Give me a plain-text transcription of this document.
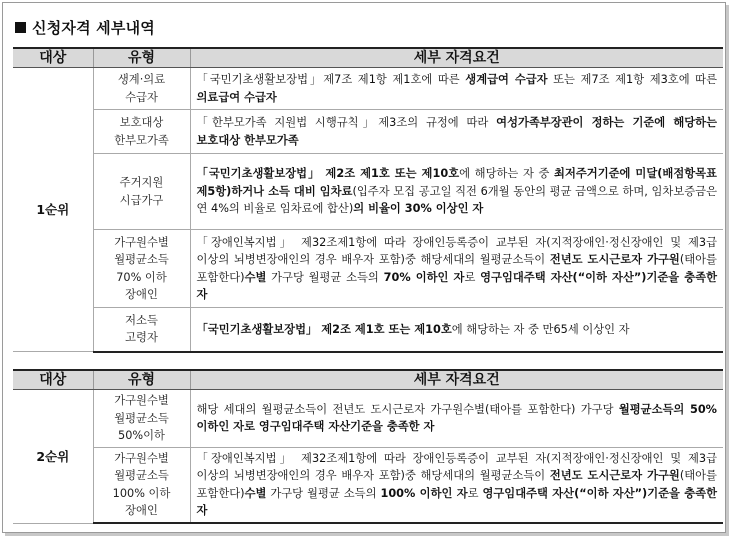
신청자격 세부내역
대상	유형	세부 자격요건
1순위	생계·의료
수급자	「국민기초생활보장법」제7조 제1항 제1호에 따른 생계급여 수급자 또는 제7조 제1항 제3호에 따른 의료급여 수급자

	보호대상
한부모가족	「한부모가족 지원법 시행규칙」제3조의 규정에 따라 여성가족부장관이 정하는 기준에 해당하는 보호대상 한부모가족

	주거지원
시급가구	「국민기초생활보장법」 제2조 제1호 또는 제10호에 해당하는 자 중 최저주거기준에 미달(배점항목표 제5항)하거나 소득 대비 임차료(입주자 모집 공고일 직전 6개월 동안의 평균 금액으로 하며, 임차보증금은 연 4%의 비율로 임차료에 합산)의 비율이 30% 이상인 자

	가구원수별
월평균소득
70% 이하
장애인	「장애인복지법」 제32조제1항에 따라 장애인등록증이 교부된 자(지적장애인·정신장애인 및 제3급 이상의 뇌병변장애인의 경우 배우자 포함)중 해당세대의 월평균소득이 전년도 도시근로자 가구원(태아를 포함한다)수별 가구당 월평균 소득의 70% 이하인 자로 영구임대주택 자산(“이하 자산”)기준을 충족한 자

	저소득
고령자	「국민기초생활보장법」 제2조 제1호 또는 제10호에 해당하는 자 중 만65세 이상인 자
대상	유형	세부 자격요건
2순위	가구원수별
월평균소득
50%이하	해당 세대의 월평균소득이 전년도 도시근로자 가구원수별(태아를 포함한다) 가구당 월평균소득의 50% 이하인 자로 영구임대주택 자산기준을 충족한 자

	가구원수별
월평균소득
100% 이하
장애인	「장애인복지법」 제32조제1항에 따라 장애인등록증이 교부된 자(지적장애인·정신장애인 및 제3급 이상의 뇌병변장애인의 경우 배우자 포함)중 해당세대의 월평균소득이 전년도 도시근로자 가구원(태아를 포함한다)수별 가구당 월평균 소득의 100% 이하인 자로 영구임대주택 자산(“이하 자산”)기준을 충족한 자
